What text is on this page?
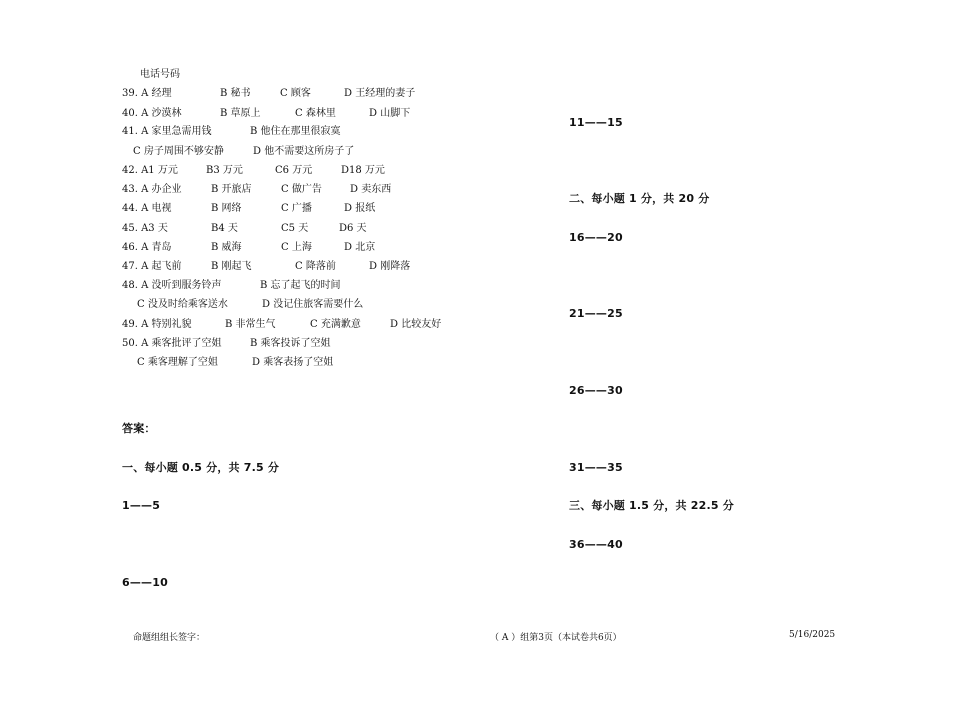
电话号码
39. A 经理	B 秘书	C 顾客	D 王经理的妻子
40. A 沙漠林	B 草原上	C 森林里	D 山脚下
41. A 家里急需用钱	B 他住在那里很寂寞
C 房子周围不够安静	D 他不需要这所房子了
42. A1 万元	B3 万元	C6 万元	D18 万元
43. A 办企业	B 开旅店	C 做广告	D 卖东西
44. A 电视	B 网络	C 广播	D 报纸
45. A3 天	B4 天	C5 天	D6 天
46. A 青岛	B 威海	C 上海	D 北京
47. A 起飞前	B 刚起飞	C 降落前	D 刚降落
48. A 没听到服务铃声	B 忘了起飞的时间
C 没及时给乘客送水	D 没记住旅客需要什么
49. A 特别礼貌	B 非常生气	C 充满歉意	D 比较友好
50. A 乘客批评了空姐	B 乘客投诉了空姐
C 乘客理解了空姐	D 乘客表扬了空姐
答案：
一、每小题 0.5 分，共 7.5 分
1——5
6——10
11——15
二、每小题 1 分，共 20 分
16——20
21——25
26——30
31——35
三、每小题 1.5 分，共 22.5 分
36——40
命题组组长签字：	（ A ）组第3页（本试卷共6页）	5/16/2025
